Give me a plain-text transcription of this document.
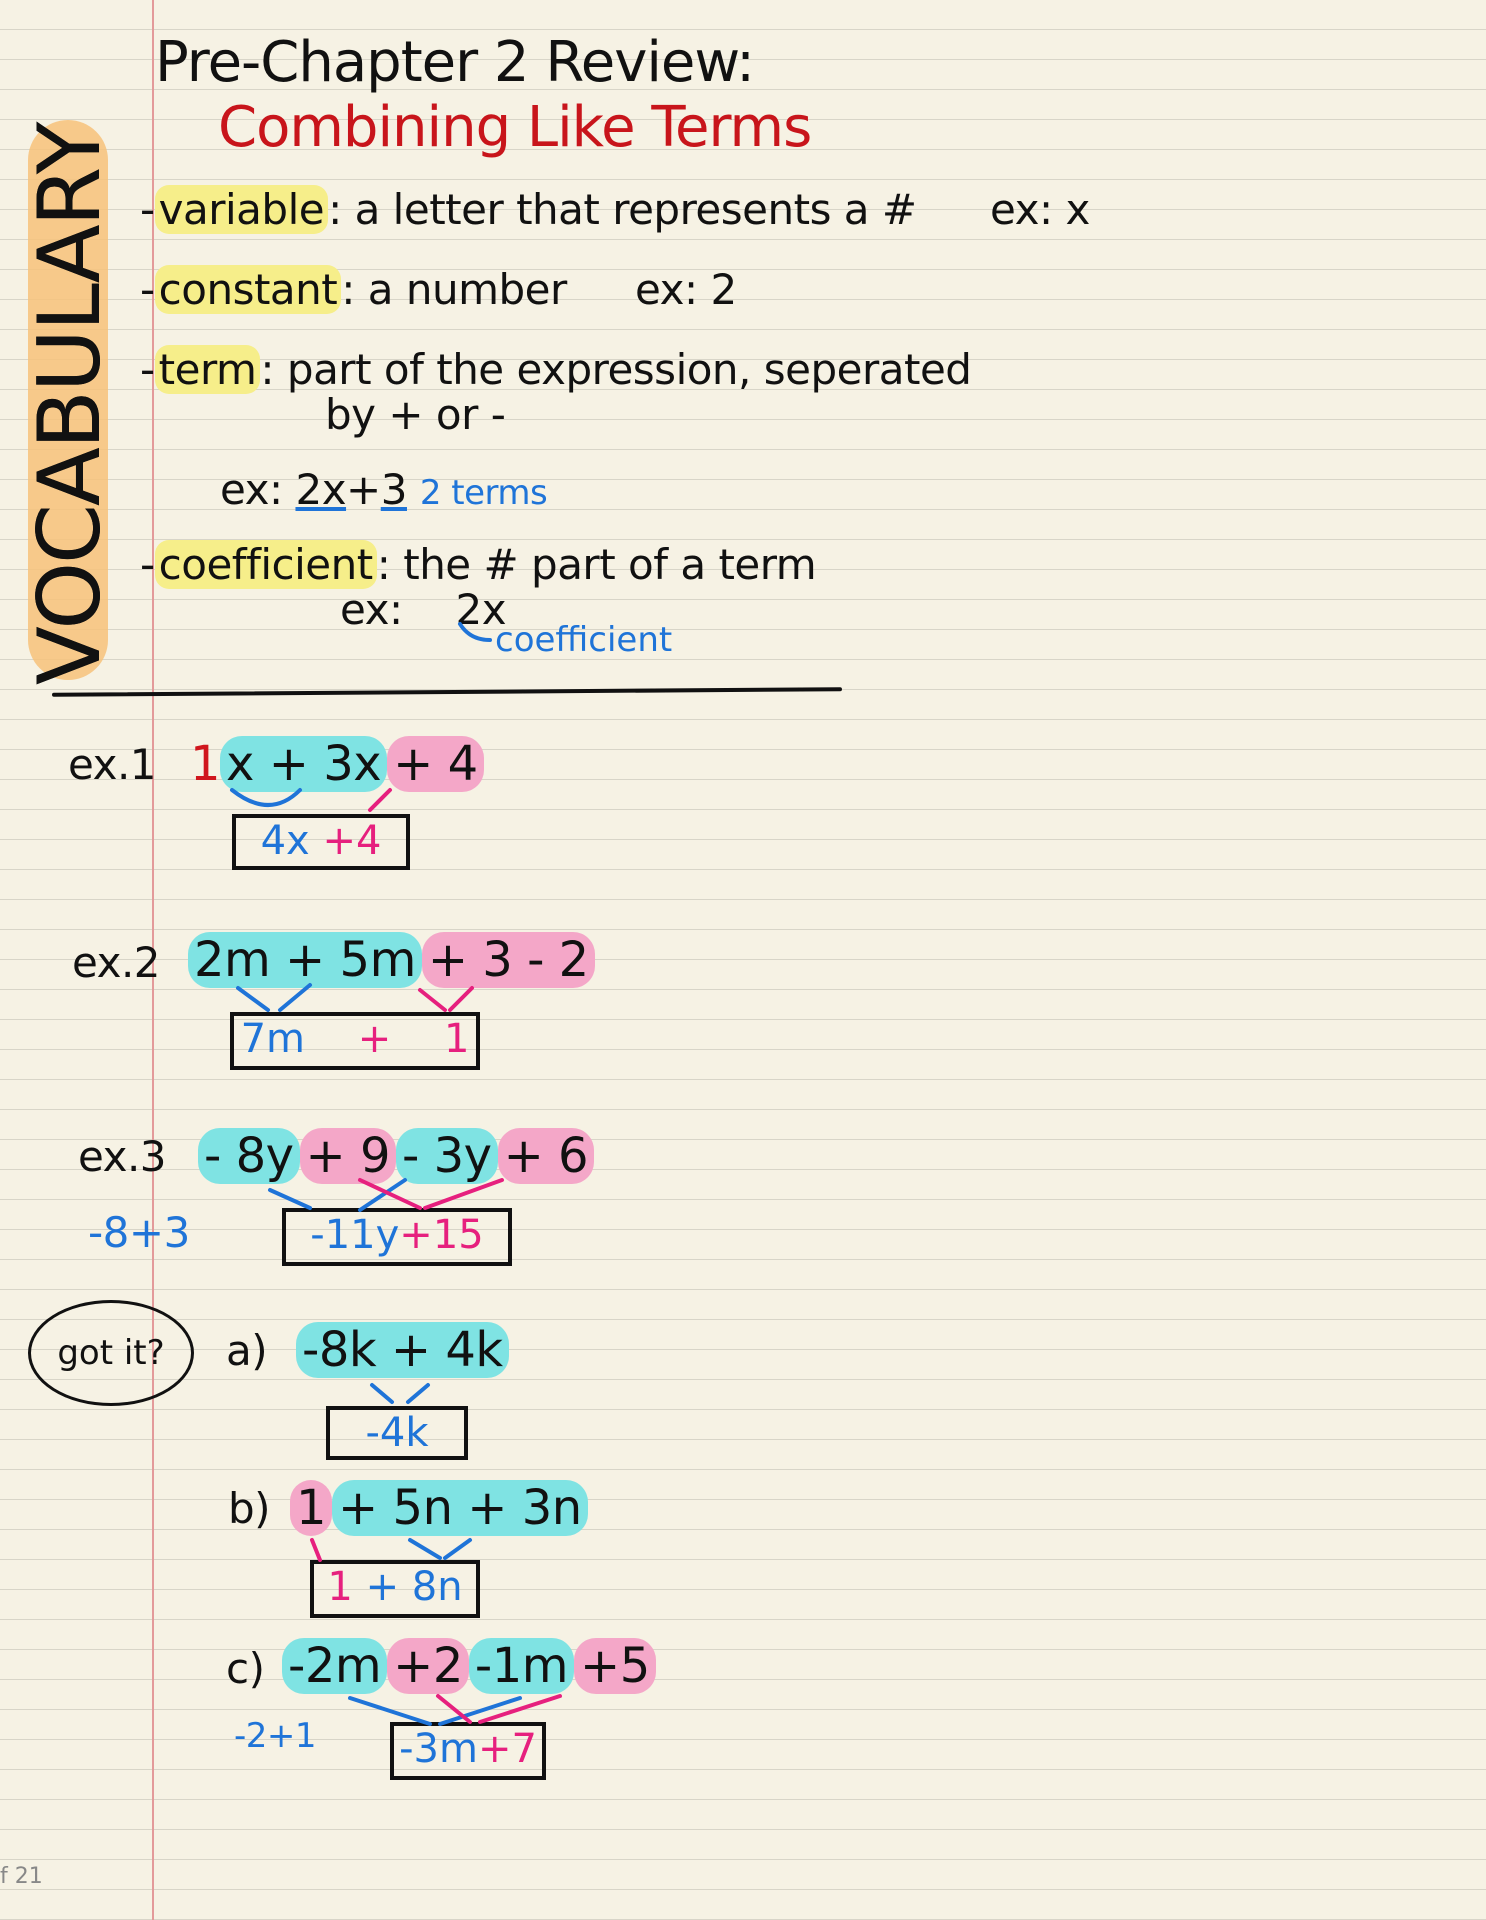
Pre-Chapter 2 Review:
Combining Like Terms
VOCABULARY -variable: a letter that represents a # ex: x
-constant: a number ex: 2
-term: part of the expression, seperated
by + or -
ex: 2x+3 2 terms
-coefficient: the # part of a term
ex: 2x
coefficient
ex.1 1 x + 3x + 4
4x +4
ex.2 2m + 5m + 3 - 2
7m + 1
ex.3 - 8y + 9 - 3y + 6
-8+3	-11y+15
got it?	a) -8k + 4k
-4k
b) 1 + 5n + 3n
1 + 8n
c) -2m +2 -1m +5
-2+1 -3m+7
f 21
